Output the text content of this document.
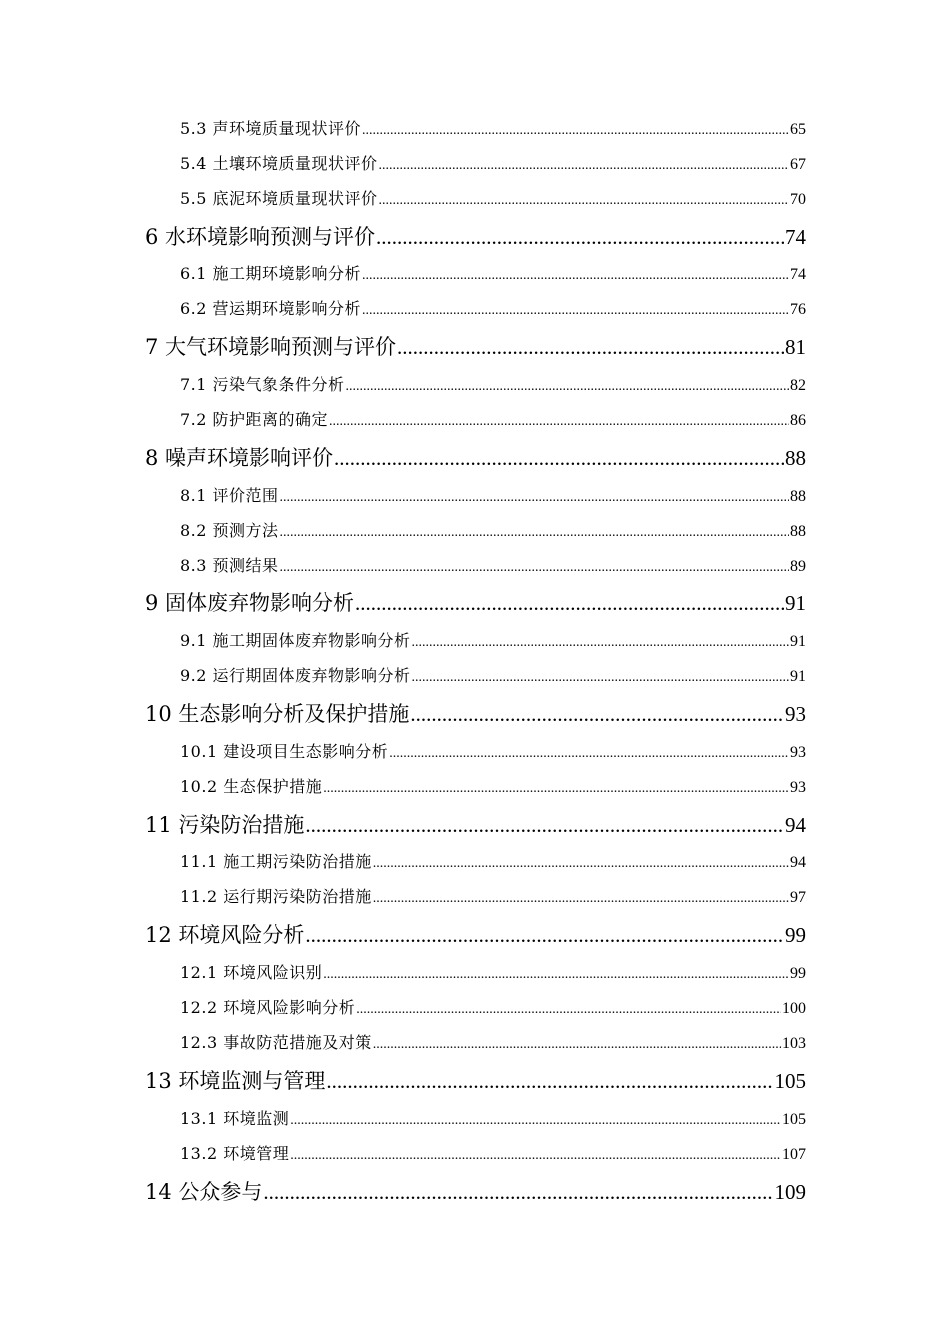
5.3 声环境质量现状评价 .....	65
5.4 土壤环境质量现状评价 .....	67
5.5 底泥环境质量现状评价 .....	70
6 水环境影响预测与评价 .....	74
6.1 施工期环境影响分析 .....	74
6.2 营运期环境影响分析 .....	76
7 大气环境影响预测与评价 .....	81
7.1 污染气象条件分析 .....	82
7.2 防护距离的确定 .....	86
8 噪声环境影响评价 .....	88
8.1 评价范围 .....	88
8.2 预测方法 .....	88
8.3 预测结果 .....	89
9 固体废弃物影响分析 .....	91
9.1 施工期固体废弃物影响分析 .....	91
9.2 运行期固体废弃物影响分析 .....	91
10 生态影响分析及保护措施 .....	93
10.1 建设项目生态影响分析 .....	93
10.2 生态保护措施 .....	93
11 污染防治措施 .....	94
11.1 施工期污染防治措施 .....	94
11.2 运行期污染防治措施 .....	97
12 环境风险分析 .....	99
12.1 环境风险识别 .....	99
12.2 环境风险影响分析 .....	100
12.3 事故防范措施及对策 .....	103
13 环境监测与管理 .....	105
13.1 环境监测 .....	105
13.2 环境管理 .....	107
14 公众参与 .....	109
